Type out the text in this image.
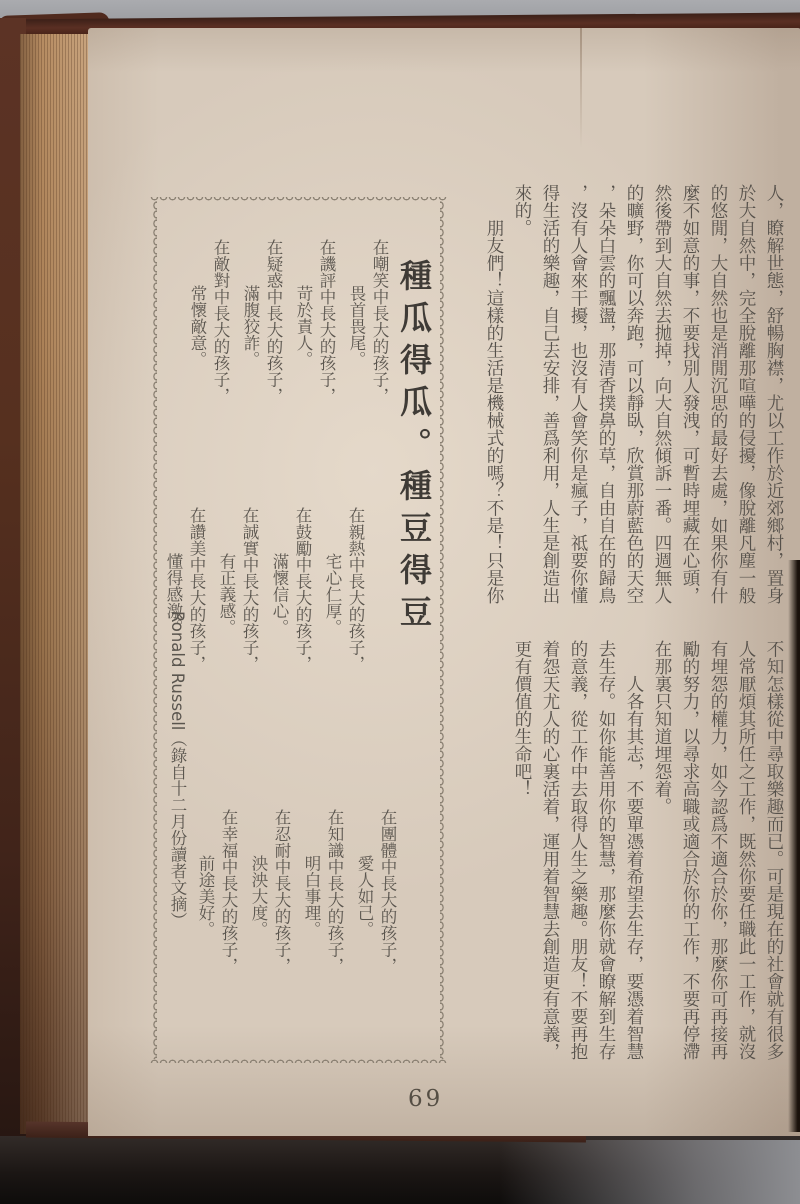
人，瞭解世態，舒暢胸襟，尤以工作於近郊鄉村，置身於大自然中，完全脫離那喧嘩的侵擾，像脫離凡塵一般的悠閒，大自然也是消閒沉思的最好去處，如果你有什麼不如意的事，不要找別人發洩，可暫時埋藏在心頭，然後帶到大自然去拋掉，向大自然傾訴一番。四週無人的曠野，你可以奔跑，可以靜臥，欣賞那蔚藍色的天空，朵朵白雲的飄盪，那清香撲鼻的草，自由自在的歸鳥，沒有人會來干擾，也沒有人會笑你是瘋子，祗要你懂得生活的樂趣，自己去安排，善爲利用，人生是創造出來的。

朋友們！這樣的生活是機械式的嗎？不是！只是你

不知怎樣從中尋取樂趣而已。可是現在的社會就有很多人常厭煩其所任之工作，既然你要任職此一工作，就沒有埋怨的權力，如今認爲不適合於你，那麼你可再接再勵的努力，以尋求高職或適合於你的工作，不要再停滯在那裏只知道埋怨着。

人各有其志，不要單憑着希望去生存，要憑着智慧去生存。如你能善用你的智慧，那麼你就會瞭解到生存的意義，從工作中去取得人生之樂趣。朋友！不要再抱着怨天尤人的心裏活着，運用着智慧去創造更有意義，更有價值的生命吧！

種瓜得瓜。種豆得豆
在嘲笑中長大的孩子，
畏首畏尾。
在譏評中長大的孩子，
苛於責人。
在疑惑中長大的孩子，
滿腹狡詐。
在敵對中長大的孩子，
常懷敵意。
在親熱中長大的孩子，
宅心仁厚。
在鼓勵中長大的孩子，
滿懷信心。
在誠實中長大的孩子，
有正義感。
在讚美中長大的孩子，
懂得感激。
在團體中長大的孩子，
愛人如己。
在知識中長大的孩子，
明白事理。
在忍耐中長大的孩子，
泱泱大度。
在幸福中長大的孩子，
前途美好。
Ronald Russell（錄自十二月份讀者文摘）
69
